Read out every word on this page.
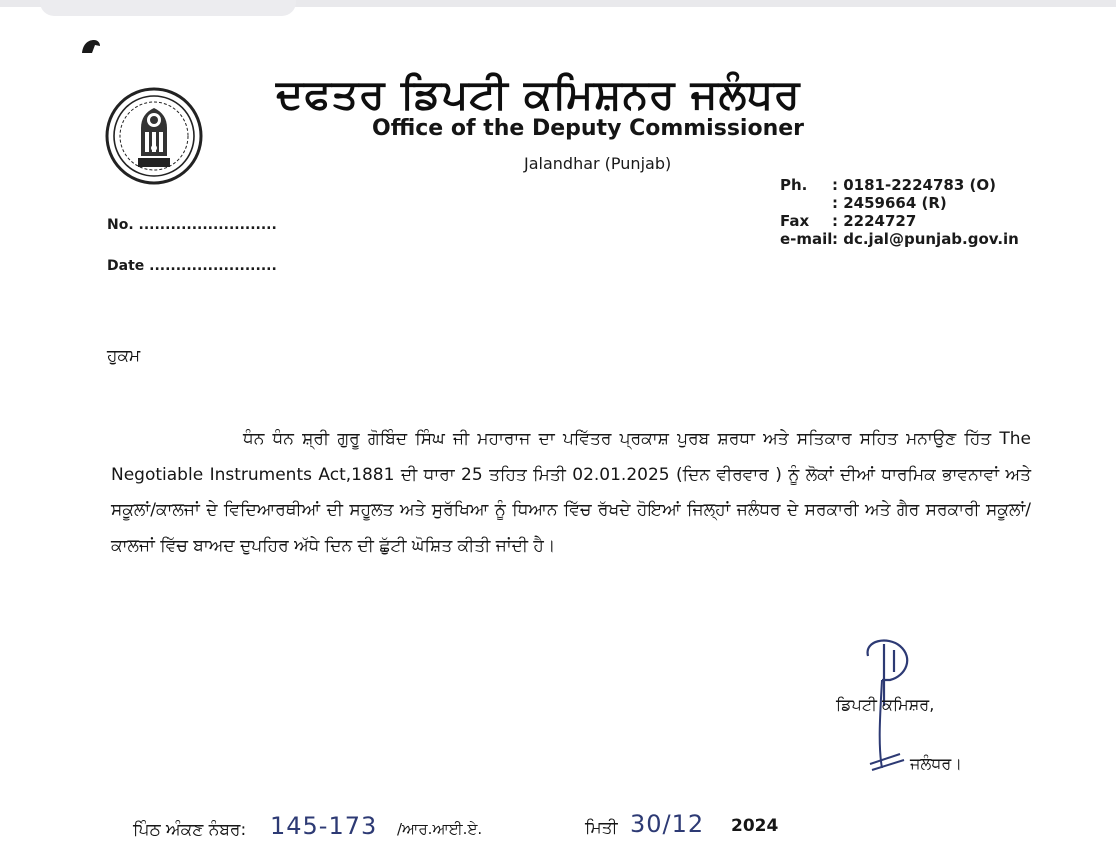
ਦਫਤਰ ਡਿਪਟੀ ਕਮਿਸ਼ਨਰ ਜਲੰਧਰ
Office of the Deputy Commissioner
Jalandhar (Punjab)
Ph.	: 0181-2224783 (O)
: 2459664 (R)
Fax	: 2224727
e-mail : dc.jal@punjab.gov.in
No. ..........................
Date ........................
ਹੁਕਮ
ਧੰਨ ਧੰਨ ਸ਼੍ਰੀ ਗੁਰੂ ਗੋਬਿੰਦ ਸਿੰਘ ਜੀ ਮਹਾਰਾਜ ਦਾ ਪਵਿੱਤਰ ਪ੍ਰਕਾਸ਼ ਪੁਰਬ ਸ਼ਰਧਾ ਅਤੇ ਸਤਿਕਾਰ ਸਹਿਤ ਮਨਾਉਣ ਹਿੱਤ The Negotiable Instruments Act,1881 ਦੀ ਧਾਰਾ 25 ਤਹਿਤ ਮਿਤੀ 02.01.2025 (ਦਿਨ ਵੀਰਵਾਰ ) ਨੂੰ ਲੋਕਾਂ ਦੀਆਂ ਧਾਰਮਿਕ ਭਾਵਨਾਵਾਂ ਅਤੇ ਸਕੂਲਾਂ/ਕਾਲਜਾਂ ਦੇ ਵਿਦਿਆਰਥੀਆਂ ਦੀ ਸਹੂਲਤ ਅਤੇ ਸੁਰੱਖਿਆ ਨੂੰ ਧਿਆਨ ਵਿੱਚ ਰੱਖਦੇ ਹੋਇਆਂ ਜਿਲ੍ਹਾਂ ਜਲੰਧਰ ਦੇ ਸਰਕਾਰੀ ਅਤੇ ਗੈਰ ਸਰਕਾਰੀ ਸਕੂਲਾਂ/ਕਾਲਜਾਂ ਵਿੱਚ ਬਾਅਦ ਦੁਪਹਿਰ ਅੱਧੇ ਦਿਨ ਦੀ ਛੁੱਟੀ ਘੋਸ਼ਿਤ ਕੀਤੀ ਜਾਂਦੀ ਹੈ।
ਡਿਪਟੀ ਕਮਿਸ਼ਰ,
ਜਲੰਧਰ।
ਪਿੰਠ ਅੰਕਣ ਨੰਬਰ: 145-173 /ਆਰ.ਆਈ.ਏ.	ਮਿਤੀ 30/12 2024
